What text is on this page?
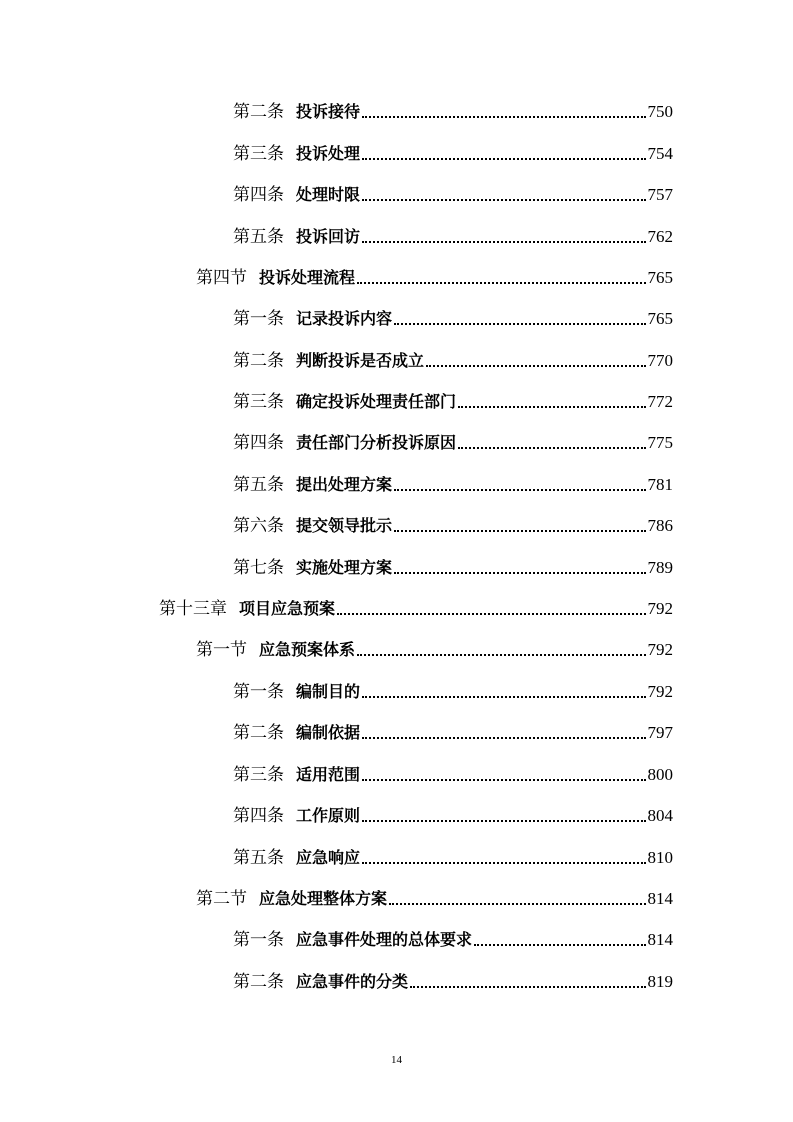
第二条 投诉接待	750
第三条 投诉处理	754
第四条 处理时限	757
第五条 投诉回访	762
第四节 投诉处理流程	765
第一条 记录投诉内容	765
第二条 判断投诉是否成立	770
第三条 确定投诉处理责任部门	772
第四条 责任部门分析投诉原因	775
第五条 提出处理方案	781
第六条 提交领导批示	786
第七条 实施处理方案	789
第十三章 项目应急预案	792
第一节 应急预案体系	792
第一条 编制目的	792
第二条 编制依据	797
第三条 适用范围	800
第四条 工作原则	804
第五条 应急响应	810
第二节 应急处理整体方案	814
第一条 应急事件处理的总体要求	814
第二条 应急事件的分类	819
14
